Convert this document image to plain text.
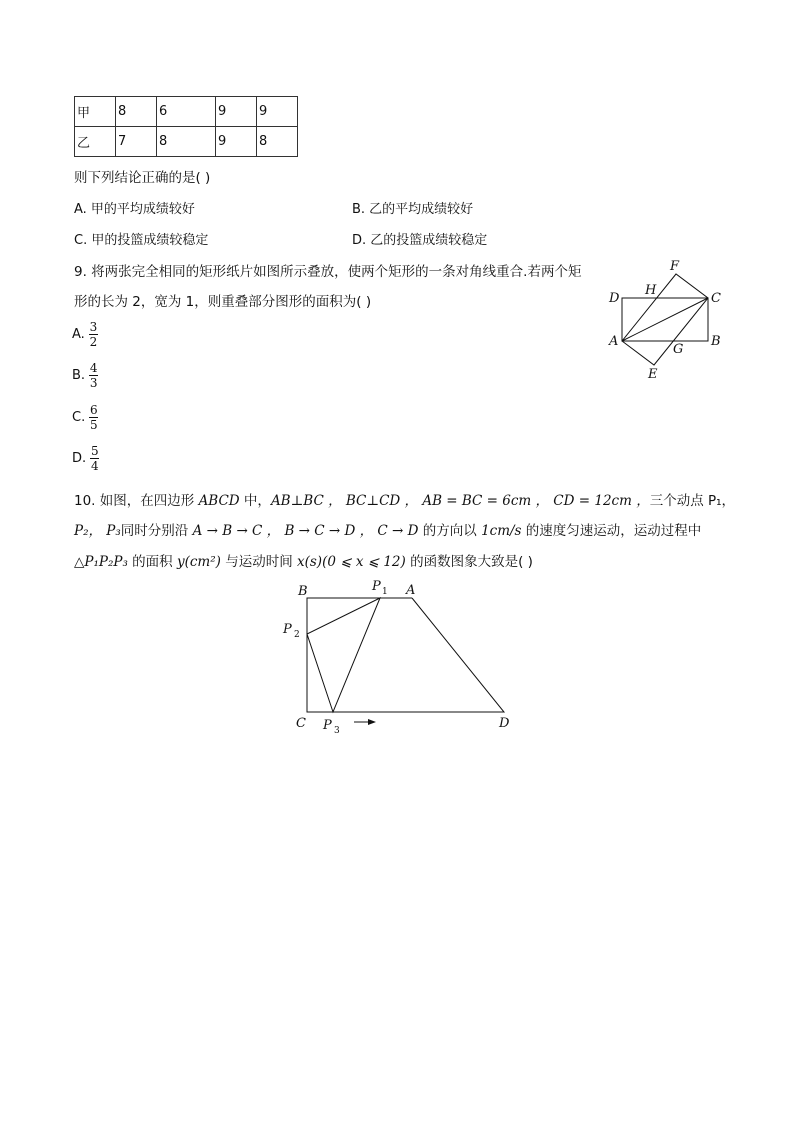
甲	8	6	9	9
乙	7	8	9	8
则下列结论正确的是( )
A. 甲的平均成绩较好	B. 乙的平均成绩较好
C. 甲的投篮成绩较稳定	D. 乙的投篮成绩较稳定
9. 将两张完全相同的矩形纸片如图所示叠放，使两个矩形的一条对角线重合.若两个矩
形的长为 2，宽为 1，则重叠部分图形的面积为( )
A. $\frac{3}{2}$
B. $\frac{4}{3}$
C. $\frac{6}{5}$
D. $\frac{5}{4}$
F
D
H
C
A
G
B
E
10. 如图，在四边形 ABCD 中，AB⊥BC ， BC⊥CD ， AB = BC = 6cm ， CD = 12cm ，三个动点 P₁，
P₂， P₃同时分别沿 A → B → C ， B → C → D ， C → D 的方向以 1cm/s 的速度匀速运动，运动过程中
△P₁P₂P₃ 的面积 y(cm²) 与运动时间 x(s)(0 ⩽ x ⩽ 12) 的函数图象大致是( )
B	P 1 A
P 2
C P 3	D
